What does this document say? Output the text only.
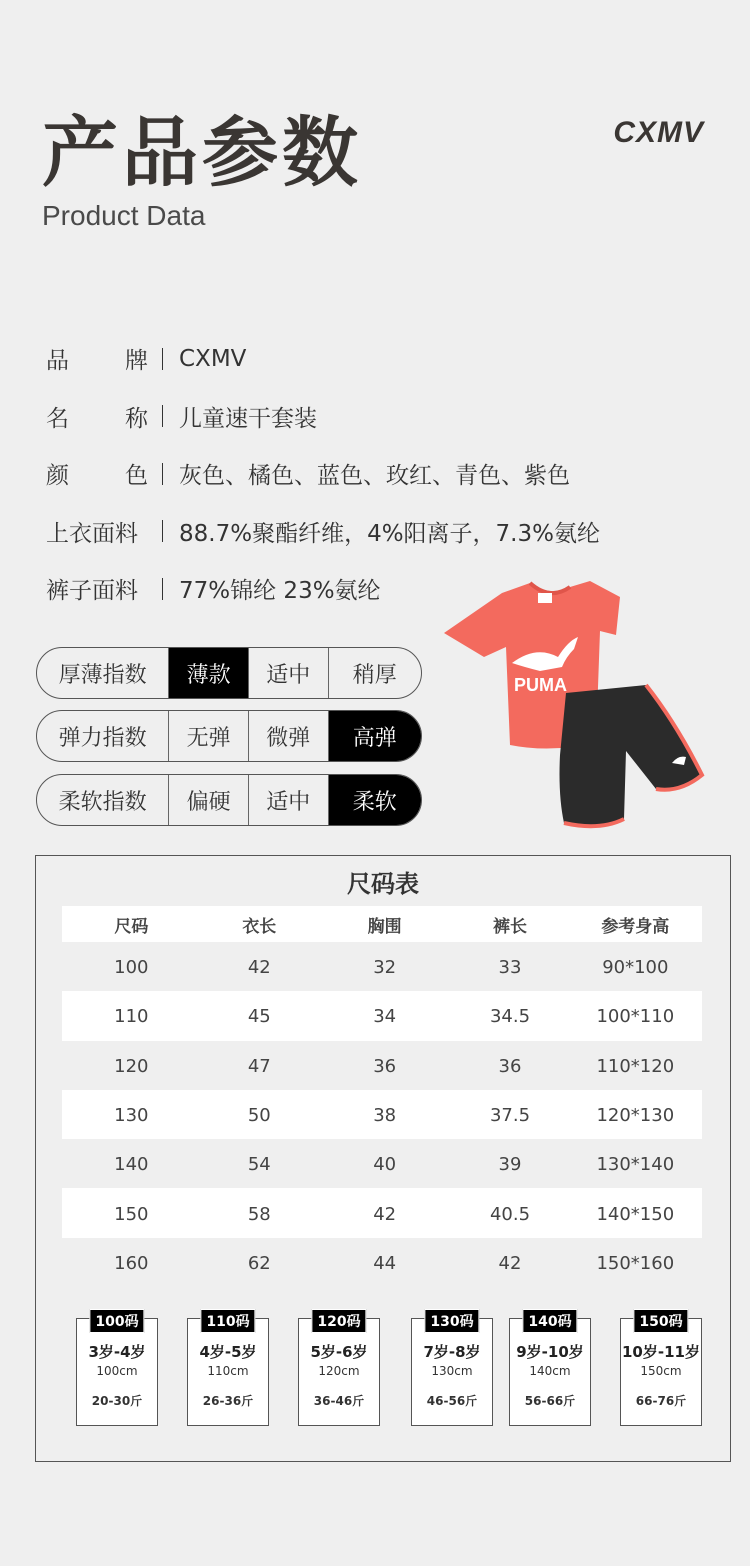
产品参数
Product Data
CXMV
品 牌 CXMV
名 称 儿童速干套装
颜 色 灰色、橘色、蓝色、玫红、青色、紫色
上衣面料 88.7%聚酯纤维，4%阳离子，7.3%氨纶
裤子面料 77%锦纶 23%氨纶
厚薄指数	薄款	适中	稍厚
弹力指数	无弹	微弹	高弹
柔软指数	偏硬	适中	柔软
PUMA
尺码表
尺码	衣长	胸围	裤长	参考身高
100	42	32	33	90*100
110	45	34	34.5	100*110
120	47	36	36	110*120
130	50	38	37.5	120*130
140	54	40	39	130*140
150	58	42	40.5	140*150
160	62	44	42	150*160
100码
3岁-4岁
100cm
20-30斤
110码
4岁-5岁
110cm
26-36斤
120码
5岁-6岁
120cm
36-46斤
130码
7岁-8岁
130cm
46-56斤
140码
9岁-10岁
140cm
56-66斤
150码
10岁-11岁
150cm
66-76斤
